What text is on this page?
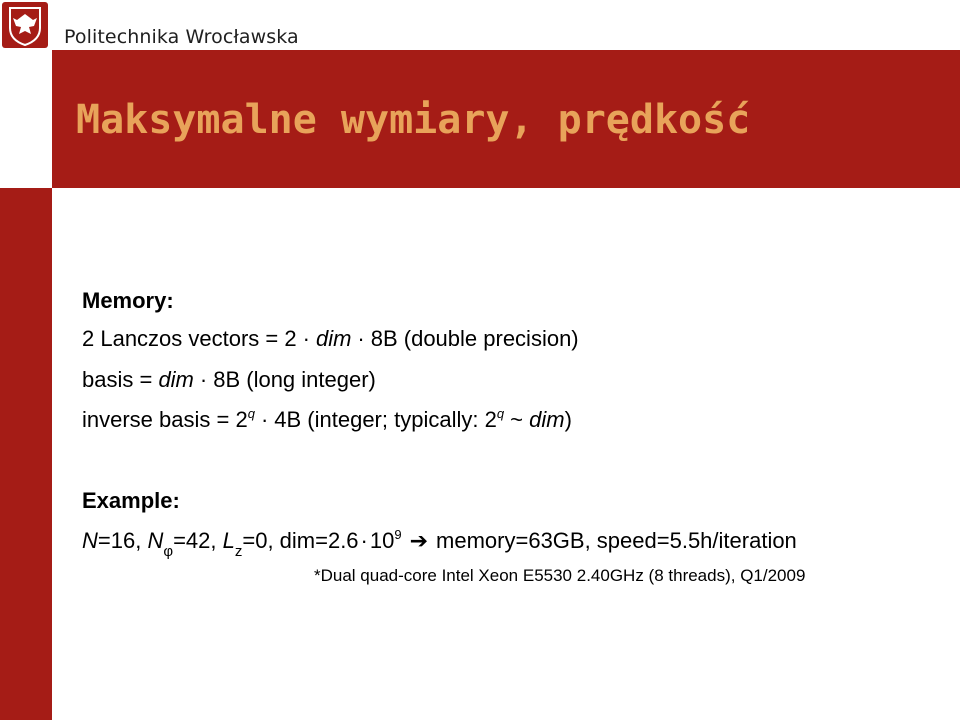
Politechnika Wrocławska
Maksymalne wymiary, prędkość
Memory:
2 Lanczos vectors = 2 · dim · 8B (double precision)
basis = dim · 8B (long integer)
inverse basis = $2^q \cdot 4B$ (integer; typically: 2$^q$ ~ dim)
Example:
N=16, $N_\varphi=42$, $L_z=0$, $dim=2.6\cdot 10^9$ ➔ memory=63GB, speed=5.5h/iteration
*Dual quad-core Intel Xeon E5530 2.40GHz (8 threads), Q1/2009
